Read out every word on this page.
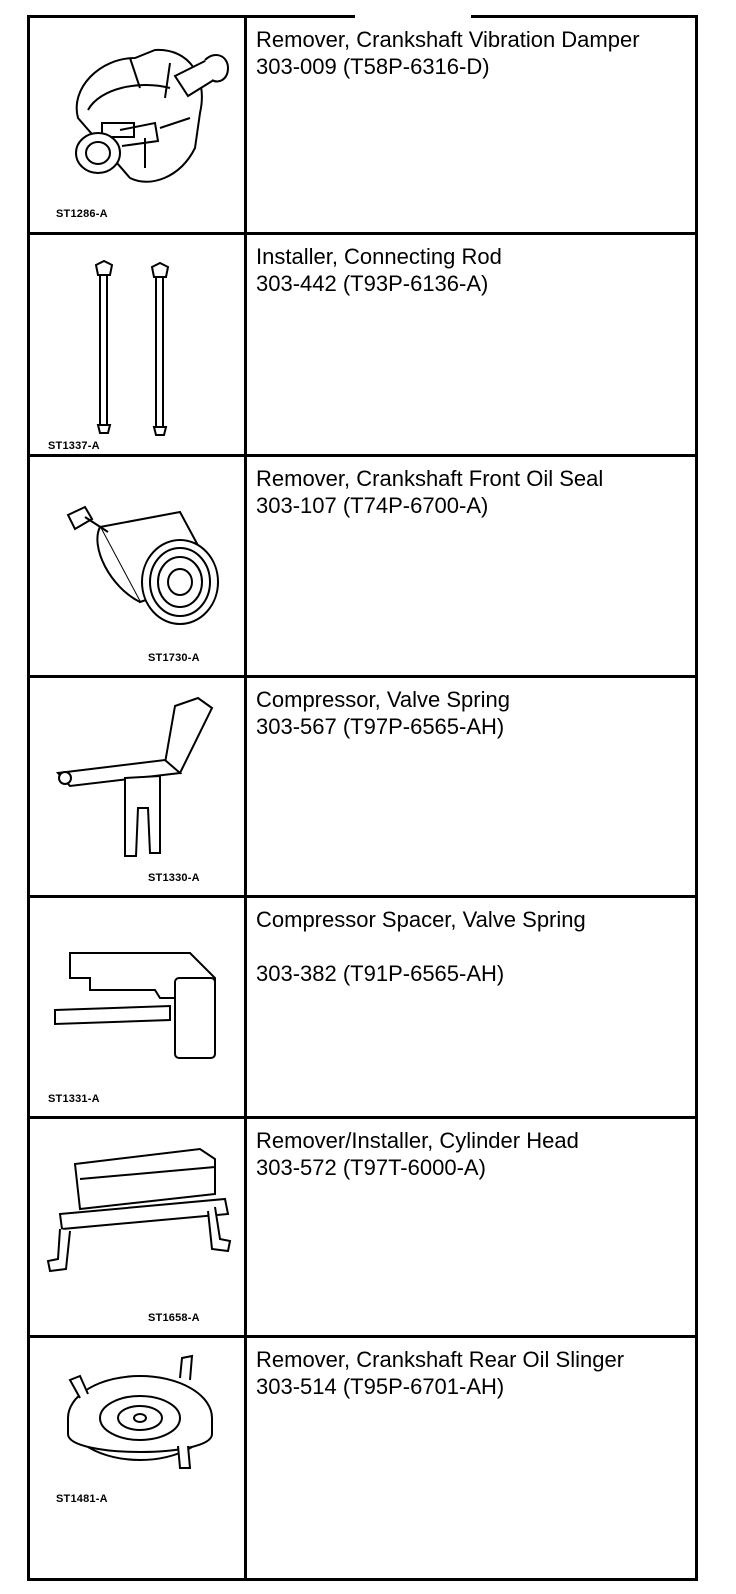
ST1286-A
Remover, Crankshaft Vibration Damper
303-009 (T58P-6316-D)
ST1337-A
Installer, Connecting Rod
303-442 (T93P-6136-A)
ST1730-A
Remover, Crankshaft Front Oil Seal
303-107 (T74P-6700-A)
ST1330-A
Compressor, Valve Spring
303-567 (T97P-6565-AH)
ST1331-A
Compressor Spacer, Valve Spring
303-382 (T91P-6565-AH)
ST1658-A
Remover/Installer, Cylinder Head
303-572 (T97T-6000-A)
ST1481-A
Remover, Crankshaft Rear Oil Slinger
303-514 (T95P-6701-AH)
